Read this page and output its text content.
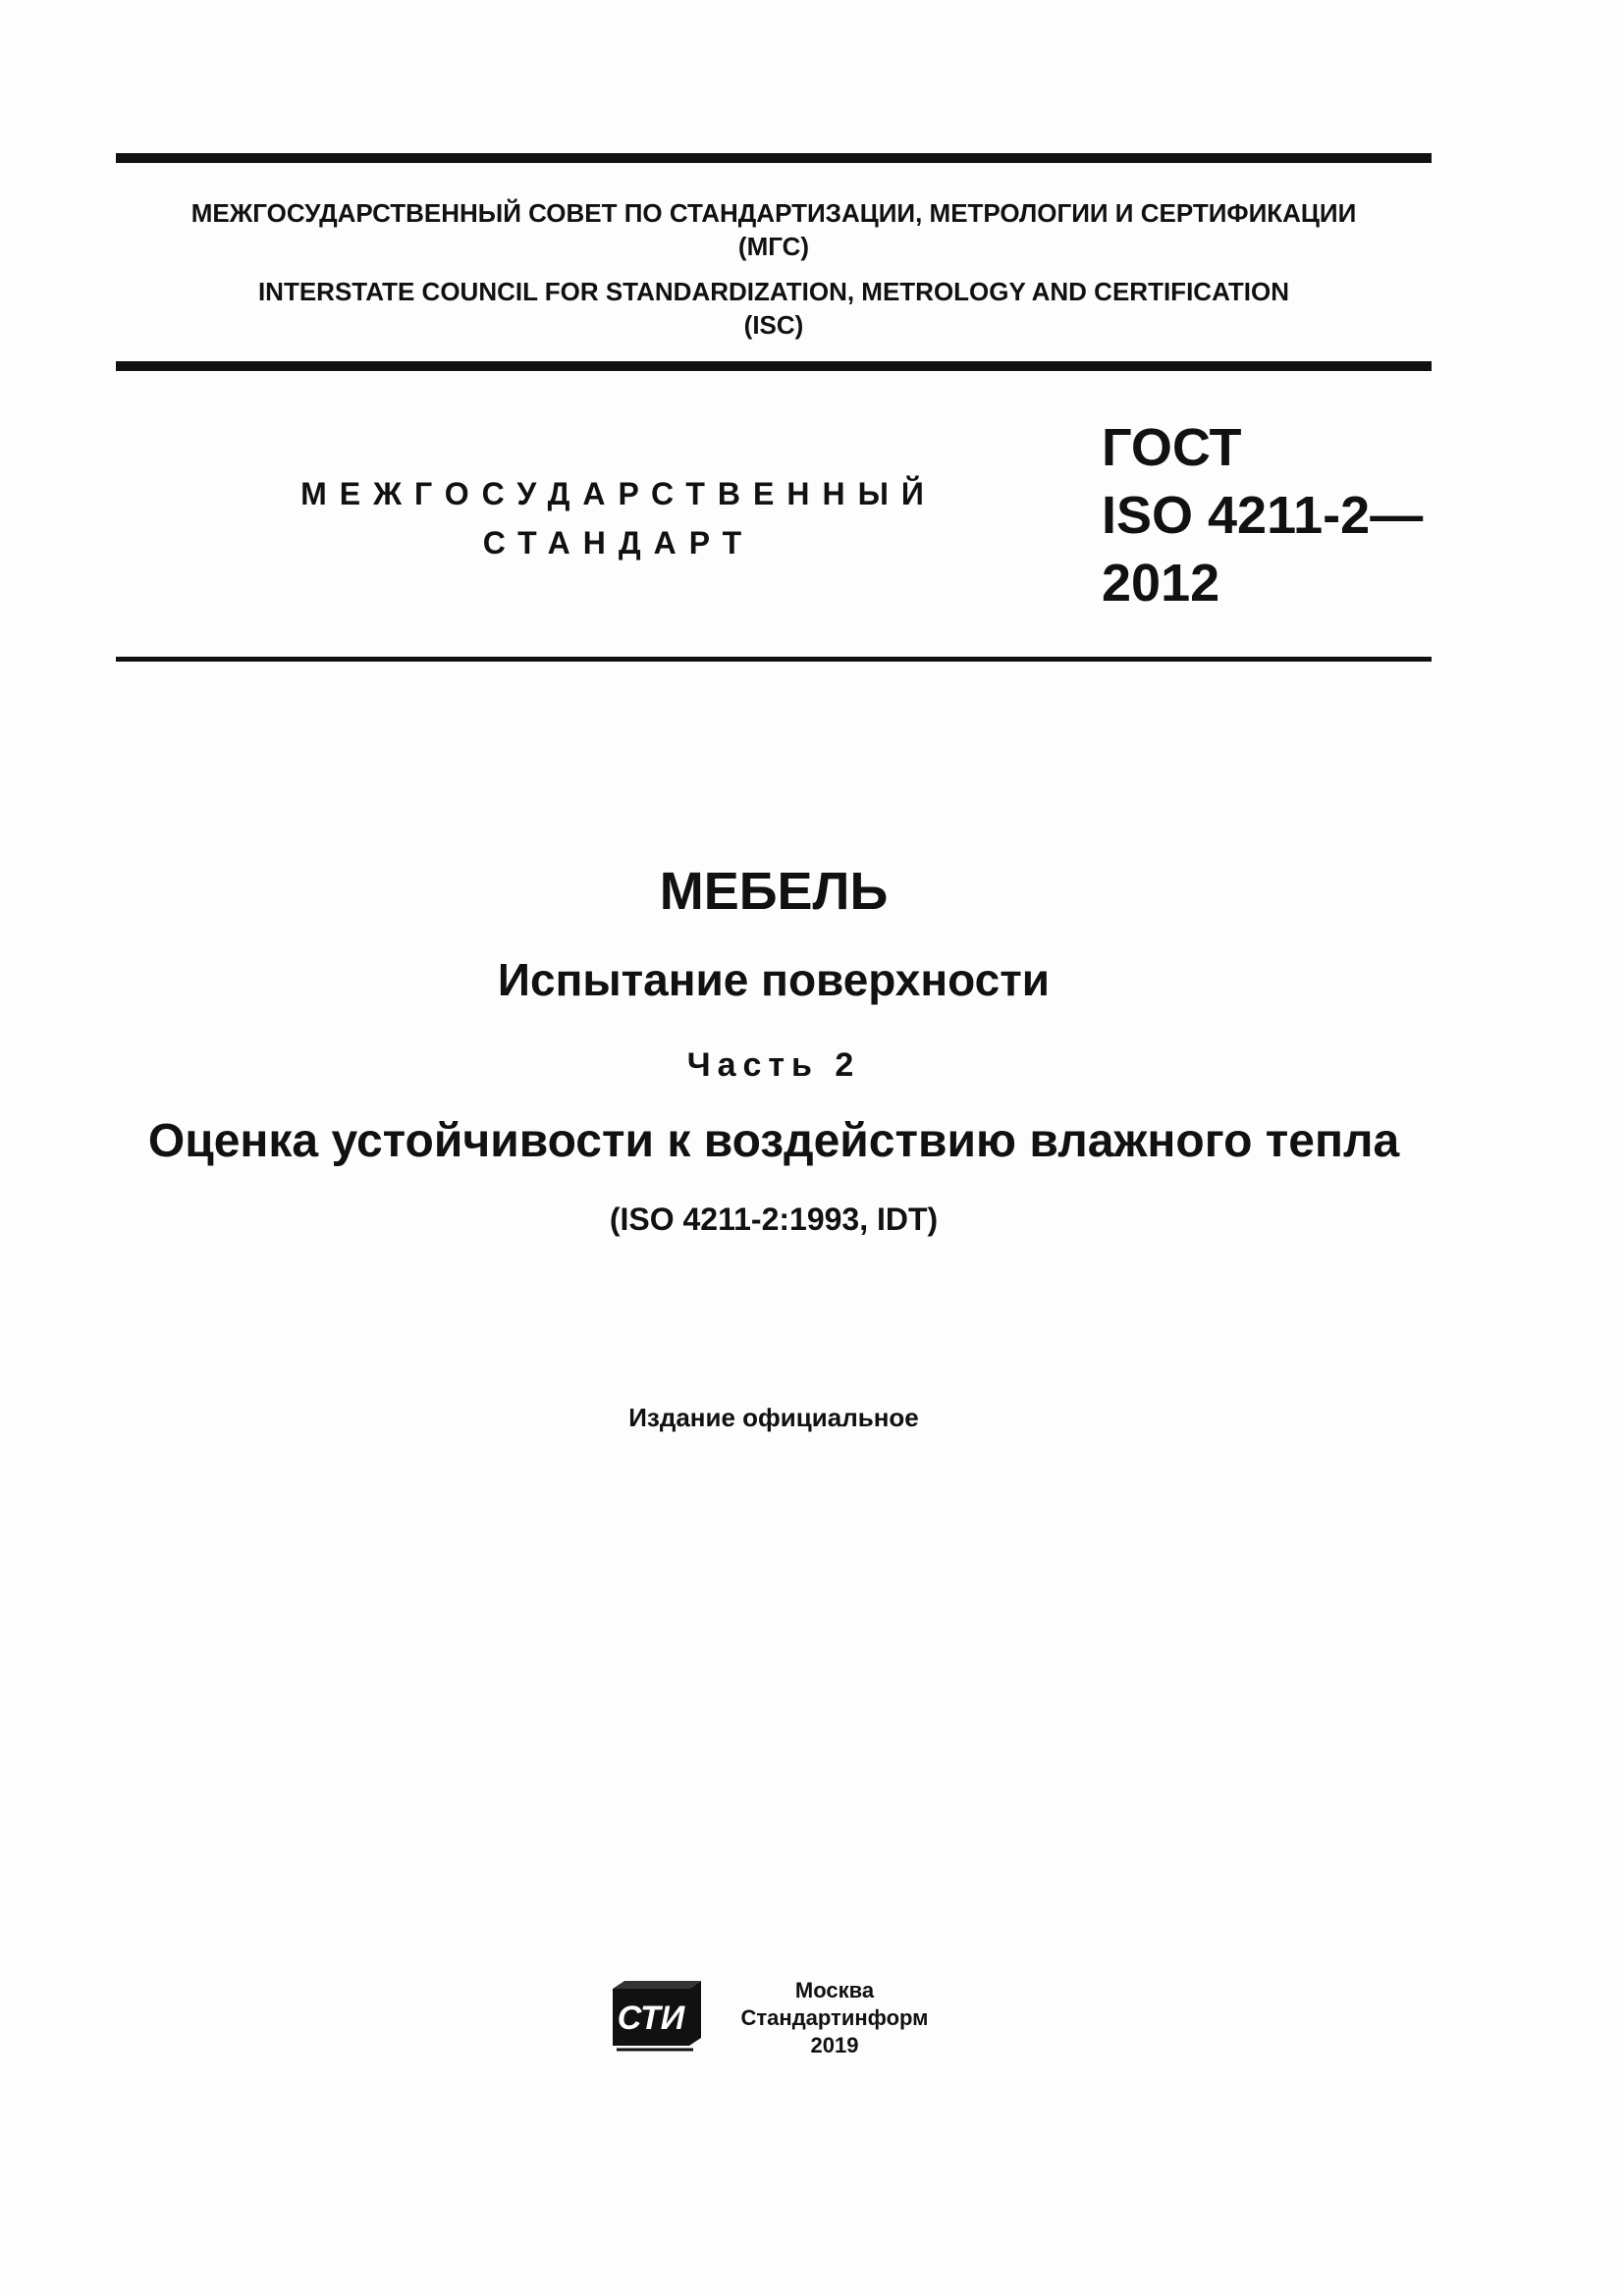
МЕЖГОСУДАРСТВЕННЫЙ СОВЕТ ПО СТАНДАРТИЗАЦИИ, МЕТРОЛОГИИ И СЕРТИФИКАЦИИ
(МГС)
INTERSTATE COUNCIL FOR STANDARDIZATION, METROLOGY AND CERTIFICATION
(ISC)
МЕЖГОСУДАРСТВЕННЫЙ
СТАНДАРТ
ГОСТ
ISO 4211-2—
2012
МЕБЕЛЬ
Испытание поверхности
Часть 2
Оценка устойчивости к воздействию влажного тепла
(ISO 4211-2:1993, IDT)
Издание официальное
СТИ
Москва
Стандартинформ
2019
